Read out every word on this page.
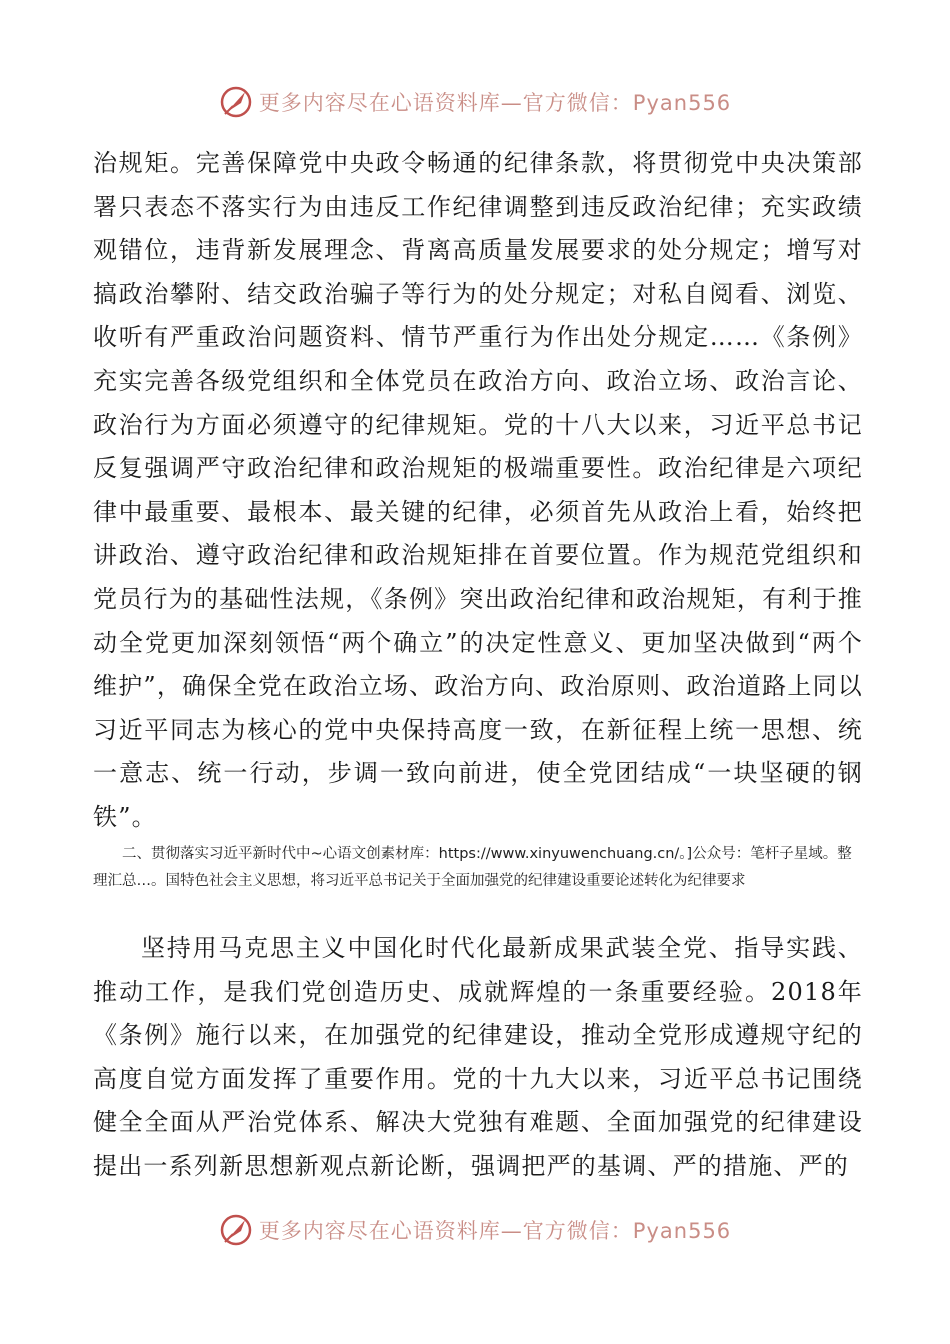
更多内容尽在心语资料库—官方微信：Pyan556

治规矩。完善保障党中央政令畅通的纪律条款，将贯彻党中央决策部署只表态不落实行为由违反工作纪律调整到违反政治纪律；充实政绩观错位，违背新发展理念、背离高质量发展要求的处分规定；增写对搞政治攀附、结交政治骗子等行为的处分规定；对私自阅看、浏览、收听有严重政治问题资料、情节严重行为作出处分规定……《条例》充实完善各级党组织和全体党员在政治方向、政治立场、政治言论、政治行为方面必须遵守的纪律规矩。党的十八大以来，习近平总书记反复强调严守政治纪律和政治规矩的极端重要性。政治纪律是六项纪律中最重要、最根本、最关键的纪律，必须首先从政治上看，始终把讲政治、遵守政治纪律和政治规矩排在首要位置。作为规范党组织和党员行为的基础性法规，《条例》突出政治纪律和政治规矩，有利于推动全党更加深刻领悟“两个确立”的决定性意义、更加坚决做到“两个维护”，确保全党在政治立场、政治方向、政治原则、政治道路上同以习近平同志为核心的党中央保持高度一致，在新征程上统一思想、统一意志、统一行动，步调一致向前进，使全党团结成“一块坚硬的钢铁”。

二、贯彻落实习近平新时代中~心语文创素材库：https://www.xinyuwenchuang.cn/。]公众号：笔杆子星域。整理汇总…。国特色社会主义思想，将习近平总书记关于全面加强党的纪律建设重要论述转化为纪律要求

坚持用马克思主义中国化时代化最新成果武装全党、指导实践、推动工作，是我们党创造历史、成就辉煌的一条重要经验。2018年《条例》施行以来，在加强党的纪律建设，推动全党形成遵规守纪的高度自觉方面发挥了重要作用。党的十九大以来，习近平总书记围绕健全全面从严治党体系、解决大党独有难题、全面加强党的纪律建设提出一系列新思想新观点新论断，强调把严的基调、严的措施、严的

更多内容尽在心语资料库—官方微信：Pyan556
